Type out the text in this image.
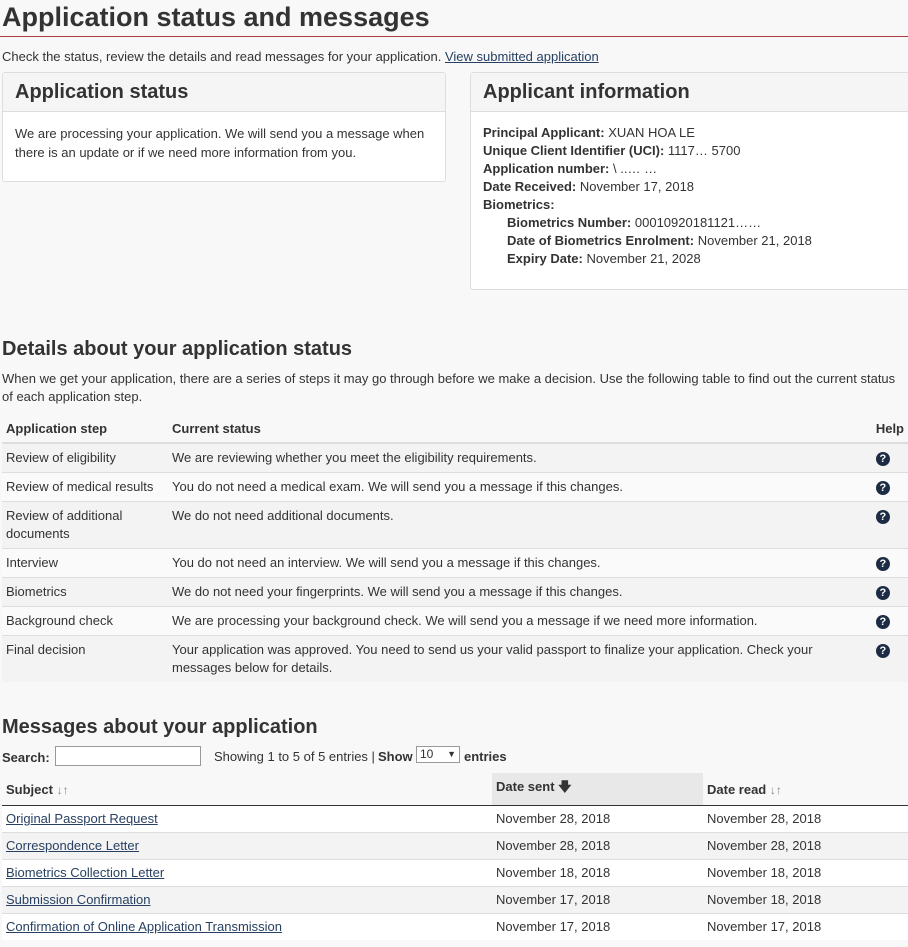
Application status and messages
Check the status, review the details and read messages for your application. View submitted application
Application status
We are processing your application. We will send you a message when there is an update or if we need more information from you.
Applicant information
Principal Applicant: XUAN HOA LE
Unique Client Identifier (UCI): 1117… 5700
Application number: \ ..… …
Date Received: November 17, 2018
Biometrics:
Biometrics Number: 00010920181121……
Date of Biometrics Enrolment: November 21, 2018
Expiry Date: November 21, 2028
Details about your application status
When we get your application, there are a series of steps it may go through before we make a decision. Use the following table to find out the current status of each application step.
Application step	Current status	Help
Review of eligibility	We are reviewing whether you meet the eligibility requirements.	?
Review of medical results	You do not need a medical exam. We will send you a message if this changes.	?
Review of additional documents	We do not need additional documents.	?
Interview	You do not need an interview. We will send you a message if this changes.	?
Biometrics	We do not need your fingerprints. We will send you a message if this changes.	?
Background check	We are processing your background check. We will send you a message if we need more information.	?
Final decision	Your application was approved. You need to send us your valid passport to finalize your application. Check your messages below for details.	?
Messages about your application
Search:	Showing 1 to 5 of 5 entries | Show 10 ▼ entries
Subject ↓↑	Date sent 🡇	Date read ↓↑
Original Passport Request	November 28, 2018	November 28, 2018
Correspondence Letter	November 28, 2018	November 28, 2018
Biometrics Collection Letter	November 18, 2018	November 18, 2018
Submission Confirmation	November 17, 2018	November 18, 2018
Confirmation of Online Application Transmission	November 17, 2018	November 17, 2018
